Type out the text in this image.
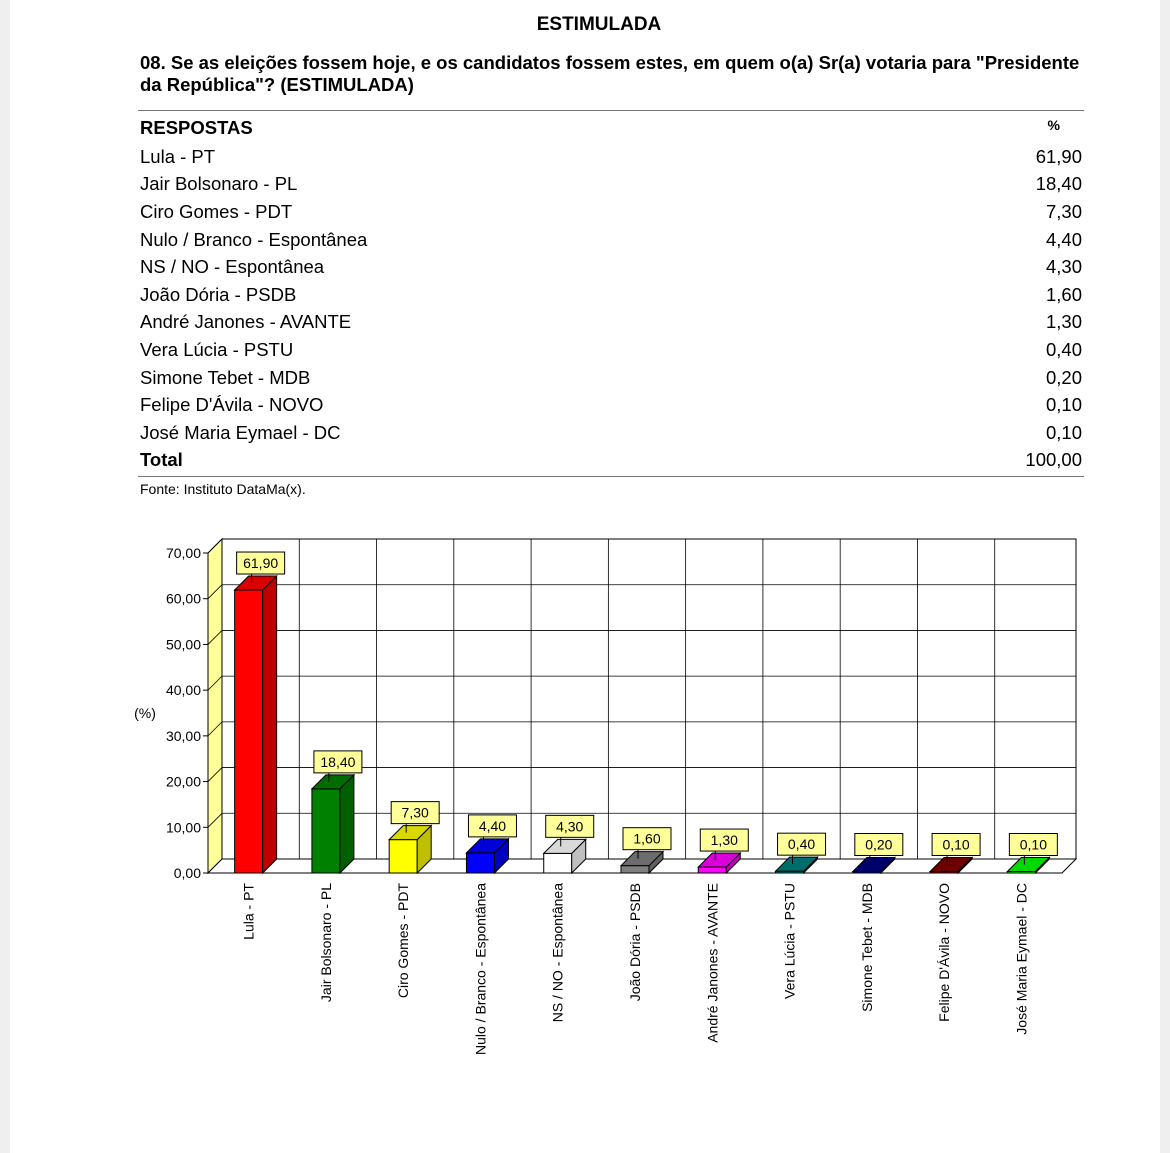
ESTIMULADA
08. Se as eleições fossem hoje, e os candidatos fossem estes, em quem o(a) Sr(a) votaria para "Presidente da República"? (ESTIMULADA)
RESPOSTAS	%
Lula - PT	61,90
Jair Bolsonaro - PL	18,40
Ciro Gomes - PDT	7,30
Nulo / Branco - Espontânea	4,40
NS / NO - Espontânea	4,30
João Dória - PSDB	1,60
André Janones - AVANTE	1,30
Vera Lúcia - PSTU	0,40
Simone Tebet - MDB	0,20
Felipe D'Ávila - NOVO	0,10
José Maria Eymael - DC	0,10
Total	100,00
Fonte: Instituto DataMa(x).
0,00
10,00
20,00
30,00
40,00
50,00
60,00
70,00
(%)
61,90
Lula - PT
18,40
Jair Bolsonaro - PL
7,30
Ciro Gomes - PDT
4,40
Nulo / Branco - Espontânea
4,30
NS / NO - Espontânea
1,60
João Dória - PSDB
1,30
André Janones - AVANTE
0,40
Vera Lúcia - PSTU
0,20
Simone Tebet - MDB
0,10
Felipe D'Ávila - NOVO
0,10
José Maria Eymael - DC
